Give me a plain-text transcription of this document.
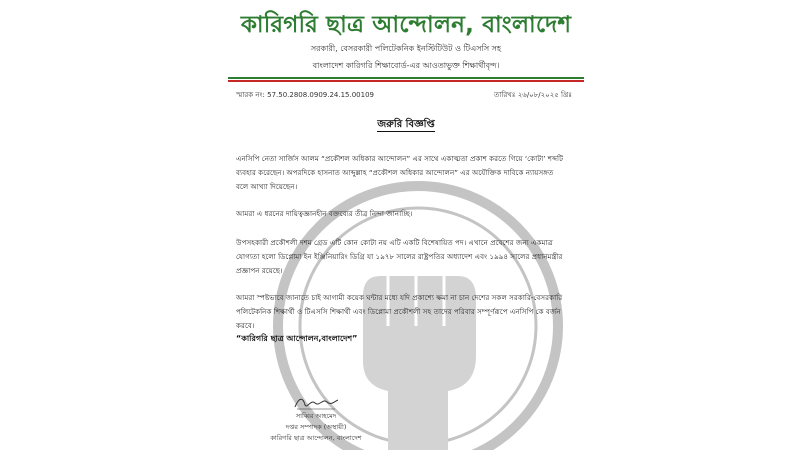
কারিগরি ছাত্র আন্দোলন, বাংলাদেশ
সরকারী, বেসরকারী পলিটেকনিক ইনস্টিটিউট ও টিএসসি সহ
বাংলাদেশ কারিগরি শিক্ষাবোর্ড-এর আওতাভুক্ত শিক্ষার্থীবৃন্দ।
স্মারক নং: 57.50.2808.0909.24.15.00109	তারিখঃ ২৬/০৮/২০২৫ খ্রিঃ
জরুরি বিজ্ঞপ্তি

এনসিপি নেতা সার্জিস আলম “প্রকৌশল অধিকার আন্দোলন” এর সাথে একাত্মতা প্রকাশ করতে গিয়ে ‘কোটা’ শব্দটি ব্যবহার করেছেন। অপরদিকে হাসনাত আব্দুল্লাহ “প্রকৌশল অধিকার আন্দোলন” এর অযৌক্তিক দাবিকে ন্যায়সঙ্গত বলে আখ্যা দিয়েছেন।

আমরা এ ধরনের দায়িত্বজ্ঞানহীন বক্তব্যের তীব্র নিন্দা জানাচ্ছি।

উপসহকারী প্রকৌশলী দশম গ্রেড এটি কোন কোটা নয় এটি একটি বিশেষায়িত পদ। এখানে প্রবেশের জন্য একমাত্র যোগ্যতা হলো ডিপ্লোমা ইন ইঞ্জিনিয়ারিং ডিগ্রি যা ১৯৭৮ সালের রাষ্ট্রপতির অধ্যাদেশ এবং ১৯৯৪ সালের প্রধানমন্ত্রীর প্রজ্ঞাপন রয়েছে।

আমরা স্পষ্টভাবে জানাতে চাই আগামী কয়েক ঘন্টার মধ্যে যদি প্রকাশ্যে ক্ষমা না চান দেশের সকল সরকারি-বেসরকারি পলিটেকনিক শিক্ষার্থী ও টিএসসি শিক্ষার্থী এবং ডিপ্লোমা প্রকৌশলী সহ তাদের পরিবার সম্পূর্ণরূপে এনসিপি কে বর্জন করবে।

“কারিগরি ছাত্র আন্দোলন,বাংলাদেশ”
সাব্বির আহমেদ
দপ্তর সম্পাদক (অস্থায়ী)
কারিগরি ছাত্র আন্দোলন, বাংলাদেশ
